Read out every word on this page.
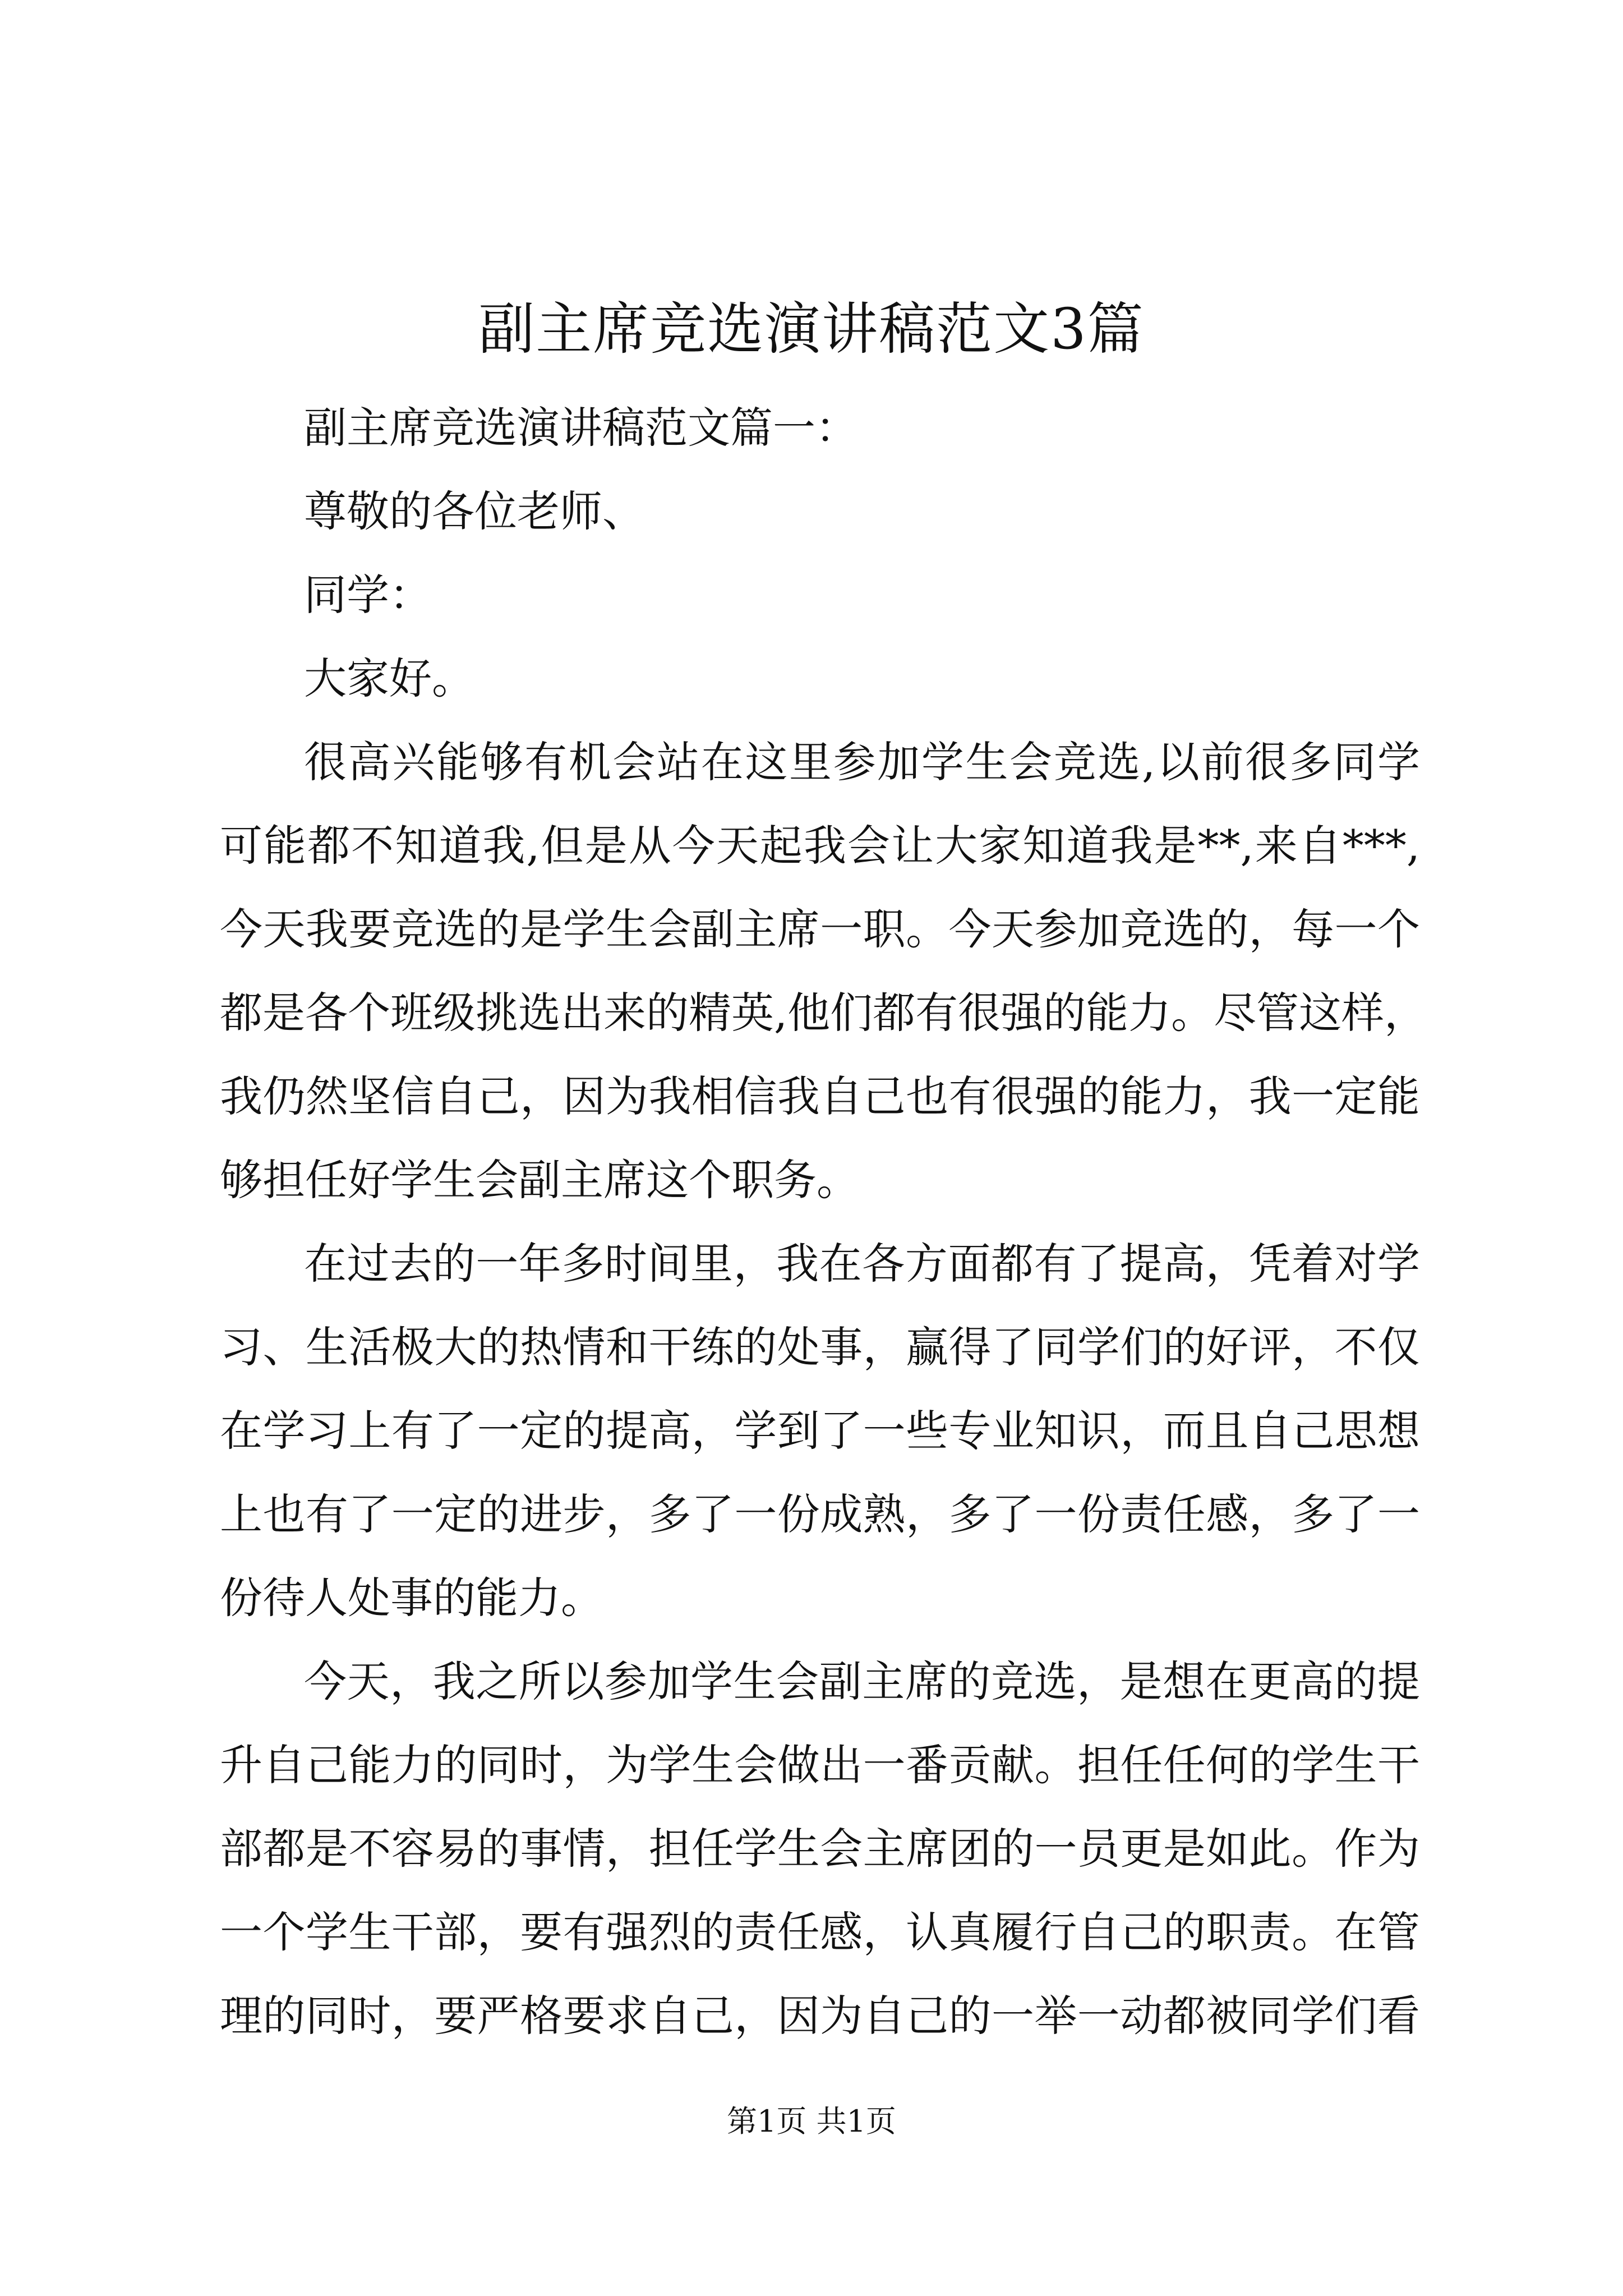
副主席竞选演讲稿范文3篇
副主席竞选演讲稿范文篇一：
尊敬的各位老师、
同学：
大家好。
很高兴能够有机会站在这里参加学生会竞选,以前很多同学
可能都不知道我,但是从今天起我会让大家知道我是**,来自***,
今天我要竞选的是学生会副主席一职。今天参加竞选的，每一个
都是各个班级挑选出来的精英,他们都有很强的能力。尽管这样，
我仍然坚信自己，因为我相信我自己也有很强的能力，我一定能
够担任好学生会副主席这个职务。
在过去的一年多时间里，我在各方面都有了提高，凭着对学
习、生活极大的热情和干练的处事，赢得了同学们的好评，不仅
在学习上有了一定的提高，学到了一些专业知识，而且自己思想
上也有了一定的进步，多了一份成熟，多了一份责任感，多了一
份待人处事的能力。
今天，我之所以参加学生会副主席的竞选，是想在更高的提
升自己能力的同时，为学生会做出一番贡献。担任任何的学生干
部都是不容易的事情，担任学生会主席团的一员更是如此。作为
一个学生干部，要有强烈的责任感，认真履行自己的职责。在管
理的同时，要严格要求自己，因为自己的一举一动都被同学们看
第1页 共1页
